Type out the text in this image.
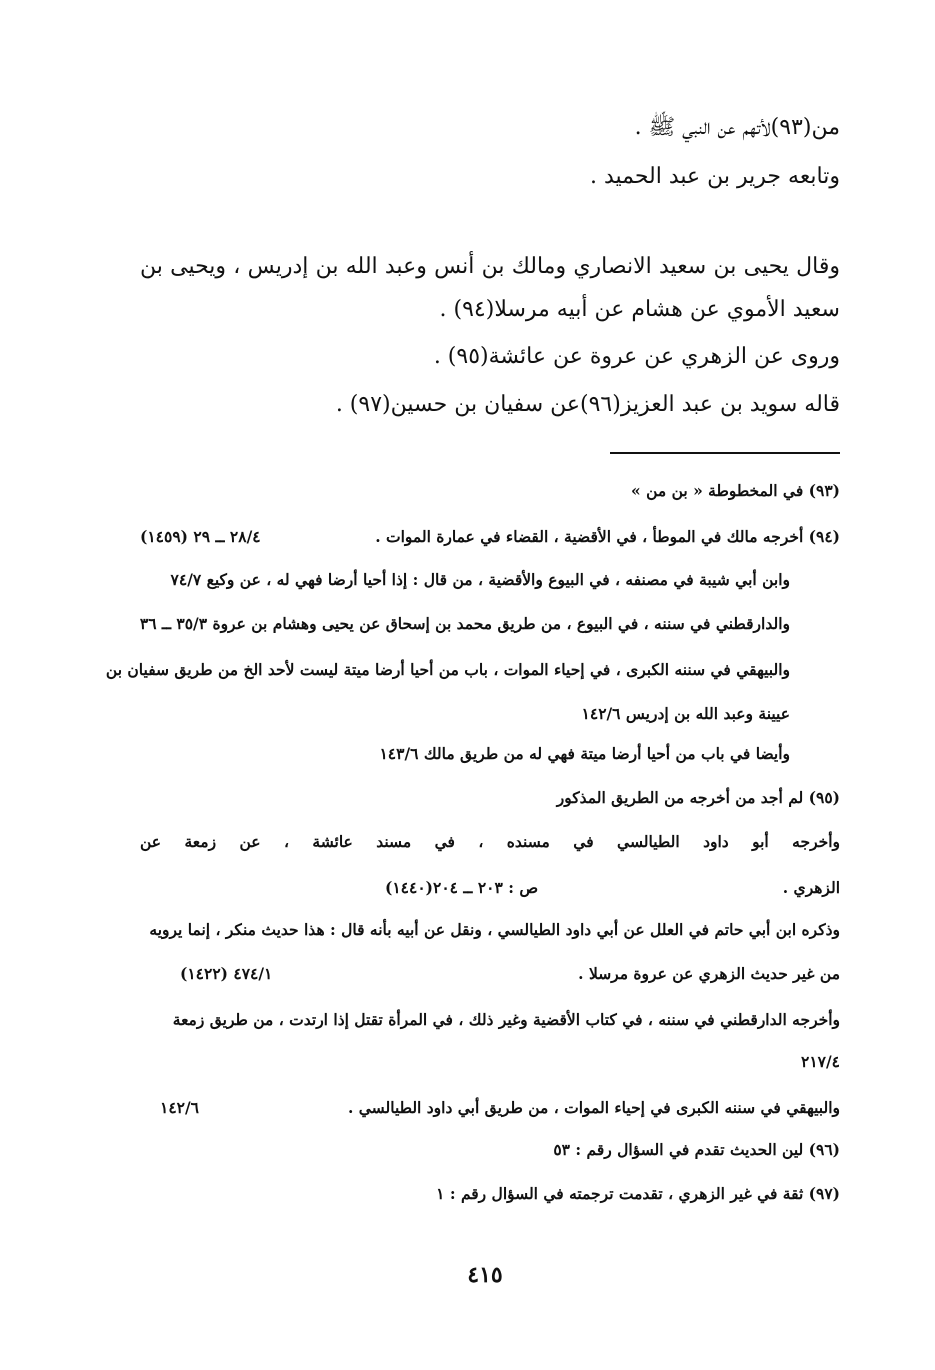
من(٩٣)لأتهم عن النبي ﷺ .
وتابعه جرير بن عبد الحميد .
وقال يحيى بن سعيد الانصاري ومالك بن أنس وعبد الله بن إدريس ، ويحيى بن
سعيد الأموي عن هشام عن أبيه مرسلا(٩٤) .
وروى عن الزهري عن عروة عن عائشة(٩٥) .
قاله سويد بن عبد العزيز(٩٦)عن سفيان بن حسين(٩٧) .
(٩٣) في المخطوطة « بن من »
(٩٤) أخرجه مالك في الموطأ ، في الأقضية ، القضاء في عمارة الموات .
٢٨/٤ ــ ٢٩ (١٤٥٩)
وابن أبي شيبة في مصنفه ، في البيوع والأقضية ، من قال : إذا أحيا أرضا فهي له ، عن وكيع ٧٤/٧
والدارقطني في سننه ، في البيوع ، من طريق محمد بن إسحاق عن يحيى وهشام بن عروة ٣٥/٣ ــ ٣٦
والبيهقي في سننه الكبرى ، في إحياء الموات ، باب من أحيا أرضا ميتة ليست لأحد الخ من طريق سفيان بن
عيينة وعبد الله بن إدريس ١٤٢/٦
وأيضا في باب من أحيا أرضا ميتة فهي له من طريق مالك ١٤٣/٦
(٩٥) لم أجد من أخرجه من الطريق المذكور
وأخرجه أبو داود الطيالسي في مسنده ، في مسند عائشة ، عن زمعة عن
الزهري .
ص : ٢٠٣ ــ ٢٠٤(١٤٤٠)
وذكره ابن أبي حاتم في العلل عن أبي داود الطيالسي ، ونقل عن أبيه بأنه قال : هذا حديث منكر ، إنما يرويه
من غير حديث الزهري عن عروة مرسلا .
٤٧٤/١ (١٤٢٢)
وأخرجه الدارقطني في سننه ، في كتاب الأقضية وغير ذلك ، في المرأة تقتل إذا ارتدت ، من طريق زمعة
٢١٧/٤
والبيهقي في سننه الكبرى في إحياء الموات ، من طريق أبي داود الطيالسي .
١٤٢/٦
(٩٦) لين الحديث تقدم في السؤال رقم : ٥٣
(٩٧) ثقة في غير الزهري ، تقدمت ترجمته في السؤال رقم : ١
٤١٥
